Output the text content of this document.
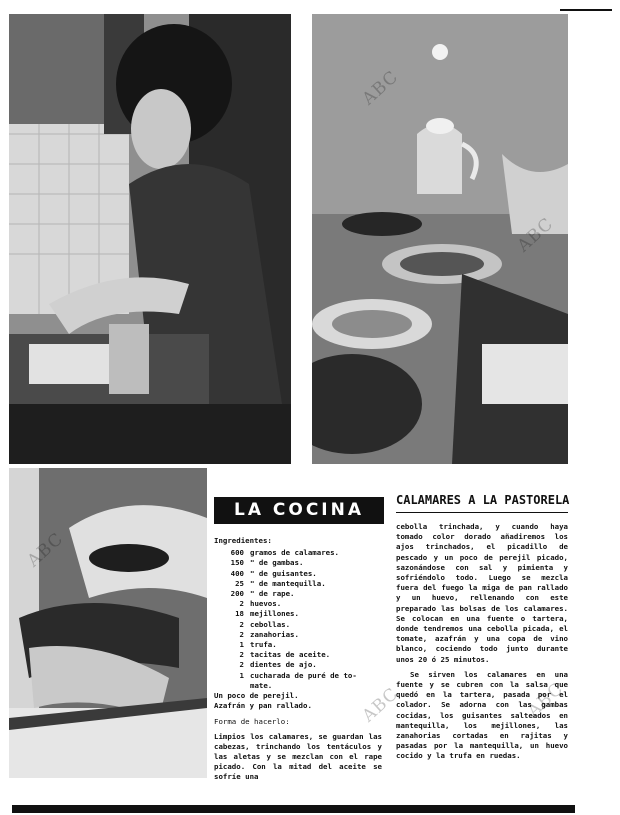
ABC
ABC
ABC
ABC	ABC
LA COCINA	CALAMARES A LA PASTORELA
Ingredientes:
600 gramos de calamares.
150 " de gambas.
400 " de guisantes.
25 " de mantequilla.
200 " de rape.
2 huevos.
18 mejillones.
2 cebollas.
2 zanahorias.
1 trufa.
2 tacitas de aceite.
2 dientes de ajo.
1 cucharada de puré de to-
mate.
Un poco de perejil.
Azafrán y pan rallado.
Forma de hacerlo:
Limpios los calamares, se guardan las cabezas, trinchando los tentáculos y las aletas y se mezclan con el rape picado. Con la mitad del aceite se sofríe una

cebolla trinchada, y cuando haya tomado color dorado añadiremos los ajos trinchados, el picadillo de pescado y un poco de perejil picado, sazonándose con sal y pimienta y sofriéndolo todo. Luego se mezcla fuera del fuego la miga de pan rallado y un huevo, rellenando con este preparado las bolsas de los calamares. Se colocan en una fuente o tartera, donde tendremos una cebolla picada, el tomate, azafrán y una copa de vino blanco, cociendo todo junto durante unos 20 ó 25 minutos.

Se sirven los calamares en una fuente y se cubren con la salsa que quedó en la tartera, pasada por el colador. Se adorna con las gambas cocidas, los guisantes salteados en mantequilla, los mejillones, las zanahorias cortadas en rajitas y pasadas por la mantequilla, un huevo cocido y la trufa en ruedas.
